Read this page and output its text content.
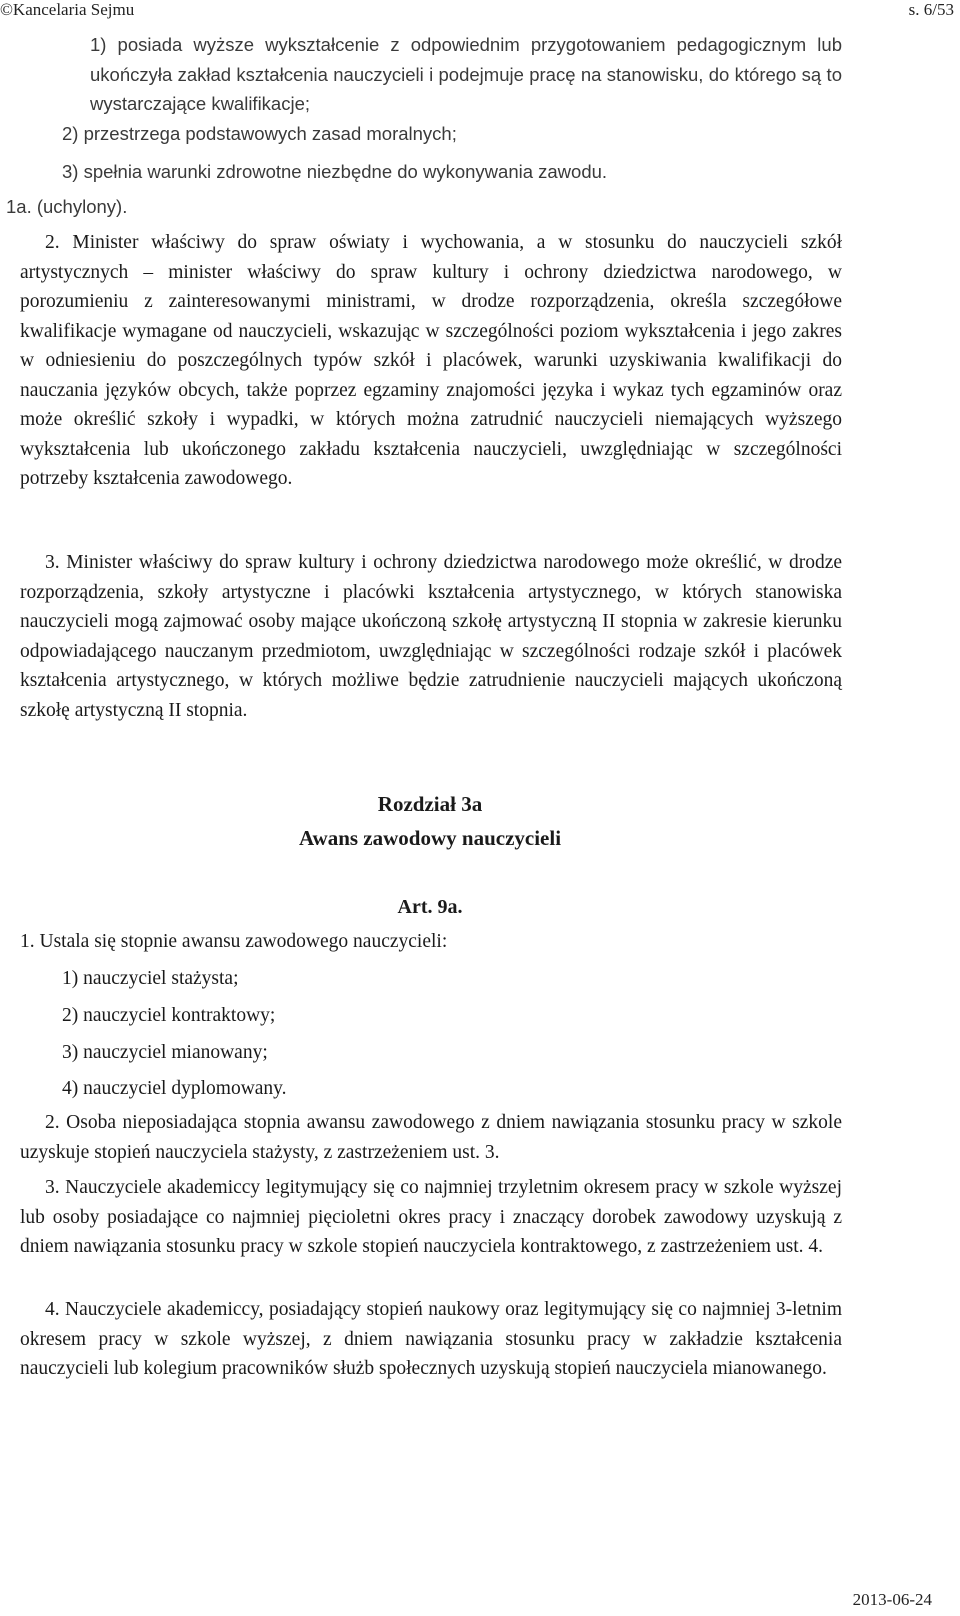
©Kancelaria Sejmu	s. 6/53

1) posiada wyższe wykształcenie z odpowiednim przygotowaniem pedagogicznym lub ukończyła zakład kształcenia nauczycieli i podejmuje pracę na stanowisku, do którego są to wystarczające kwalifikacje;

2) przestrzega podstawowych zasad moralnych;

3) spełnia warunki zdrowotne niezbędne do wykonywania zawodu.

1a. (uchylony).

2. Minister właściwy do spraw oświaty i wychowania, a w stosunku do nauczycieli szkół artystycznych – minister właściwy do spraw kultury i ochrony dziedzictwa narodowego, w porozumieniu z zainteresowanymi ministrami, w drodze rozporządzenia, określa szczegółowe kwalifikacje wymagane od nauczycieli, wskazując w szczególności poziom wykształcenia i jego zakres w odniesieniu do poszczególnych typów szkół i placówek, warunki uzyskiwania kwalifikacji do nauczania języków obcych, także poprzez egzaminy znajomości języka i wykaz tych egzaminów oraz może określić szkoły i wypadki, w których można zatrudnić nauczycieli niemających wyższego wykształcenia lub ukończonego zakładu kształcenia nauczycieli, uwzględniając w szczególności potrzeby kształcenia zawodowego.

3. Minister właściwy do spraw kultury i ochrony dziedzictwa narodowego może określić, w drodze rozporządzenia, szkoły artystyczne i placówki kształcenia artystycznego, w których stanowiska nauczycieli mogą zajmować osoby mające ukończoną szkołę artystyczną II stopnia w zakresie kierunku odpowiadającego nauczanym przedmiotom, uwzględniając w szczególności rodzaje szkół i placówek kształcenia artystycznego, w których możliwe będzie zatrudnienie nauczycieli mających ukończoną szkołę artystyczną II stopnia.

Rozdział 3a
Awans zawodowy nauczycieli
Art. 9a.

1. Ustala się stopnie awansu zawodowego nauczycieli:

1) nauczyciel stażysta;

2) nauczyciel kontraktowy;

3) nauczyciel mianowany;

4) nauczyciel dyplomowany.

2. Osoba nieposiadająca stopnia awansu zawodowego z dniem nawiązania stosunku pracy w szkole uzyskuje stopień nauczyciela stażysty, z zastrzeżeniem ust. 3.

3. Nauczyciele akademiccy legitymujący się co najmniej trzyletnim okresem pracy w szkole wyższej lub osoby posiadające co najmniej pięcioletni okres pracy i znaczący dorobek zawodowy uzyskują z dniem nawiązania stosunku pracy w szkole stopień nauczyciela kontraktowego, z zastrzeżeniem ust. 4.

4. Nauczyciele akademiccy, posiadający stopień naukowy oraz legitymujący się co najmniej 3-letnim okresem pracy w szkole wyższej, z dniem nawiązania stosunku pracy w zakładzie kształcenia nauczycieli lub kolegium pracowników służb społecznych uzyskują stopień nauczyciela mianowanego.

2013-06-24
